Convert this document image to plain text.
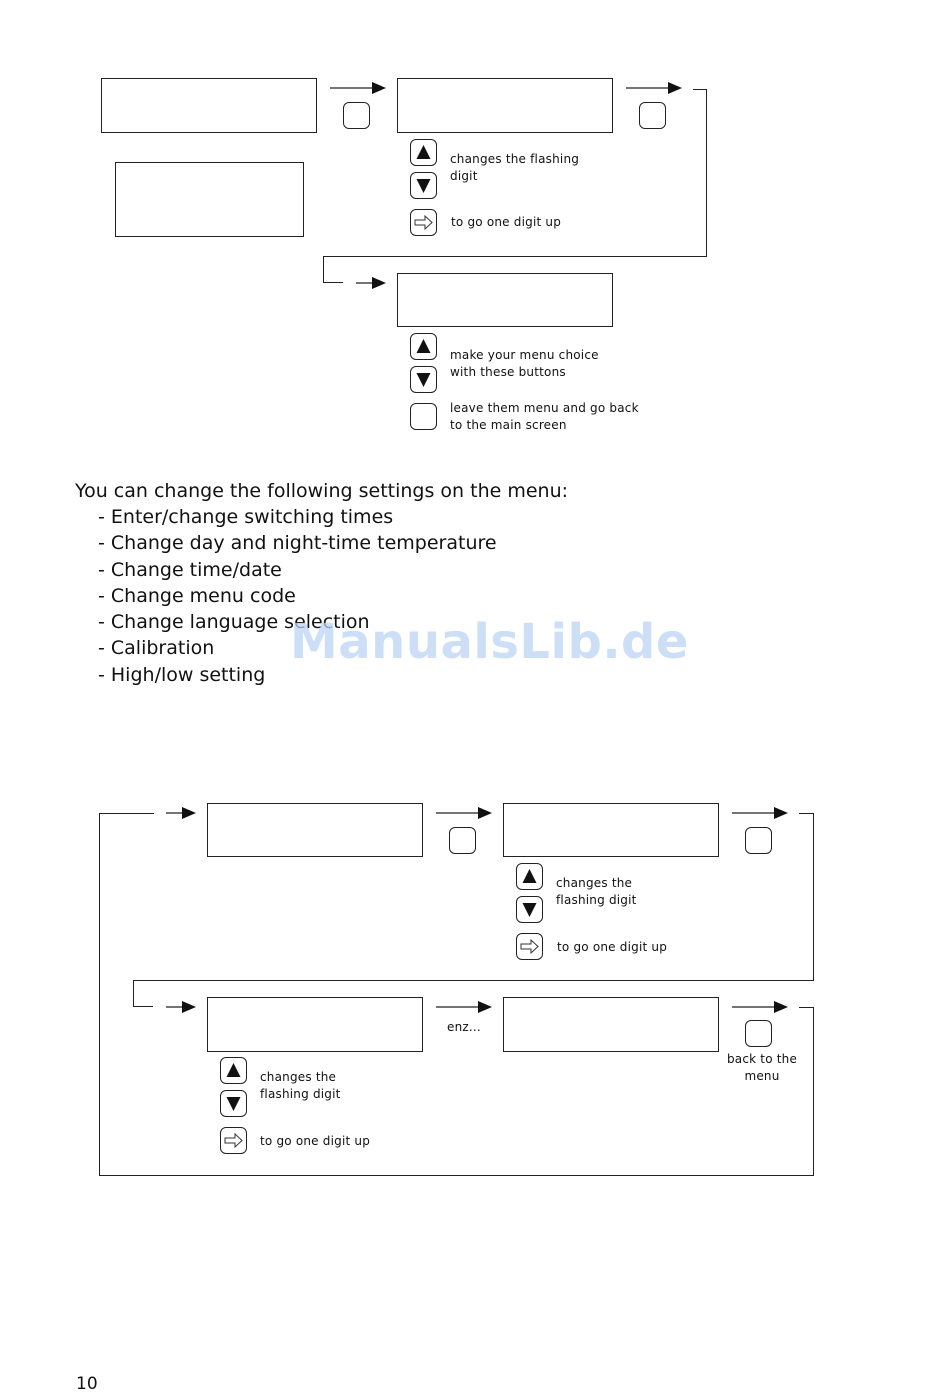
changes the flashing
digit
to go one digit up
make your menu choice
with these buttons
leave them menu and go back
to the main screen
You can change the following settings on the menu:
- Enter/change switching times
- Change day and night-time temperature
- Change time/date
- Change menu code
- Change language selection
- Calibration
- High/low setting
ManualsLib.de
changes the
flashing digit
to go one digit up
enz...
back to the
menu
changes the
flashing digit
to go one digit up
10
